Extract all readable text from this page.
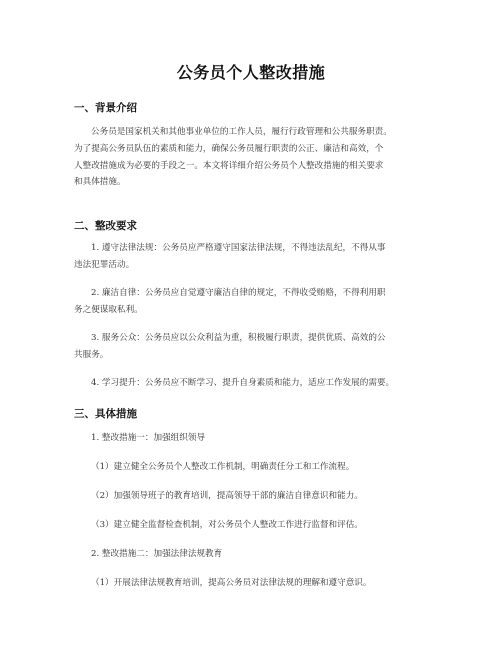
公务员个人整改措施
一、背景介绍
公务员是国家机关和其他事业单位的工作人员，履行行政管理和公共服务职责。
为了提高公务员队伍的素质和能力，确保公务员履行职责的公正、廉洁和高效，个
人整改措施成为必要的手段之一。本文将详细介绍公务员个人整改措施的相关要求
和具体措施。
二、整改要求
1. 遵守法律法规：公务员应严格遵守国家法律法规，不得违法乱纪，不得从事
违法犯罪活动。
2. 廉洁自律：公务员应自觉遵守廉洁自律的规定，不得收受贿赂，不得利用职
务之便谋取私利。
3. 服务公众：公务员应以公众利益为重，积极履行职责，提供优质、高效的公
共服务。
4. 学习提升：公务员应不断学习、提升自身素质和能力，适应工作发展的需要。
三、具体措施
1. 整改措施一：加强组织领导
（1）建立健全公务员个人整改工作机制，明确责任分工和工作流程。
（2）加强领导班子的教育培训，提高领导干部的廉洁自律意识和能力。
（3）建立健全监督检查机制，对公务员个人整改工作进行监督和评估。
2. 整改措施二：加强法律法规教育
（1）开展法律法规教育培训，提高公务员对法律法规的理解和遵守意识。
